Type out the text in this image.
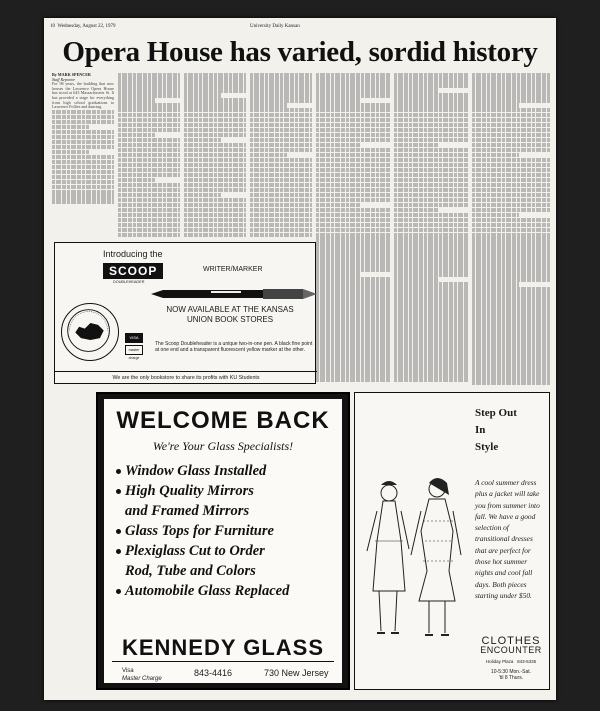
10 Wednesday, August 22, 1979	University Daily Kansan
Opera House has varied, sordid history
By MARK SPENCER
Staff Reporter
For 98 years, the building that now houses the Lawrence Opera House has stood at 643 Massachusetts St. It has provided a stage for everything from high school graduations to Lawrence Follies and dancing.
Introducing the
SCOOP
DOUBLEHEADER
WRITER/MARKER
NOW AVAILABLE AT THE KANSAS UNION BOOK STORES
VISA
master charge
The Scoop Doubleheader is a unique two-in-one pen. A black fine point at one end and a transparent fluorescent yellow marker at the other.
We are the only bookstore to share its profits with KU Students
WELCOME BACK
We're Your Glass Specialists!
Window Glass Installed
High Quality Mirrors
and Framed Mirrors
Glass Tops for Furniture
Plexiglass Cut to Order
Rod, Tube and Colors
Automobile Glass Replaced
KENNEDY GLASS
Visa
Master Charge
843-4416	730 New Jersey
Step Out
In
Style
A cool summer dress plus a jacket will take you from summer into fall. We have a good selection of transitional dresses that are perfect for those hot summer nights and cool fall days. Both pieces starting under $50.
CLOTHES
ENCOUNTER
Holiday Plaza 843-5335
10-5:30 Mon.-Sat.
'til 8 Thurs.
